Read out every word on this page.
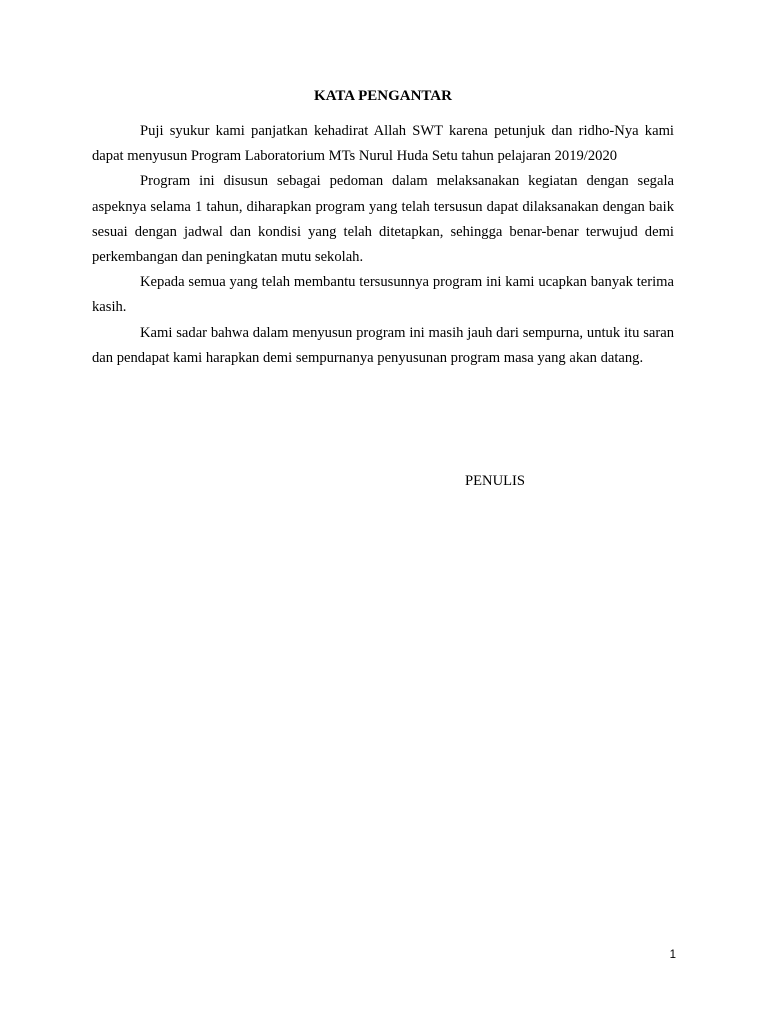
KATA PENGANTAR

Puji syukur kami panjatkan kehadirat Allah SWT karena petunjuk dan ridho-Nya kami dapat menyusun Program Laboratorium MTs Nurul Huda Setu tahun pelajaran 2019/2020

Program ini disusun sebagai pedoman dalam melaksanakan kegiatan dengan segala aspeknya selama 1 tahun, diharapkan program yang telah tersusun dapat dilaksanakan dengan baik sesuai dengan jadwal dan kondisi yang telah ditetapkan, sehingga benar-benar terwujud demi perkembangan dan peningkatan mutu sekolah.

Kepada semua yang telah membantu tersusunnya program ini kami ucapkan banyak terima kasih.

Kami sadar bahwa dalam menyusun program ini masih jauh dari sempurna, untuk itu saran dan pendapat kami harapkan demi sempurnanya penyusunan program masa yang akan datang.

PENULIS
1
